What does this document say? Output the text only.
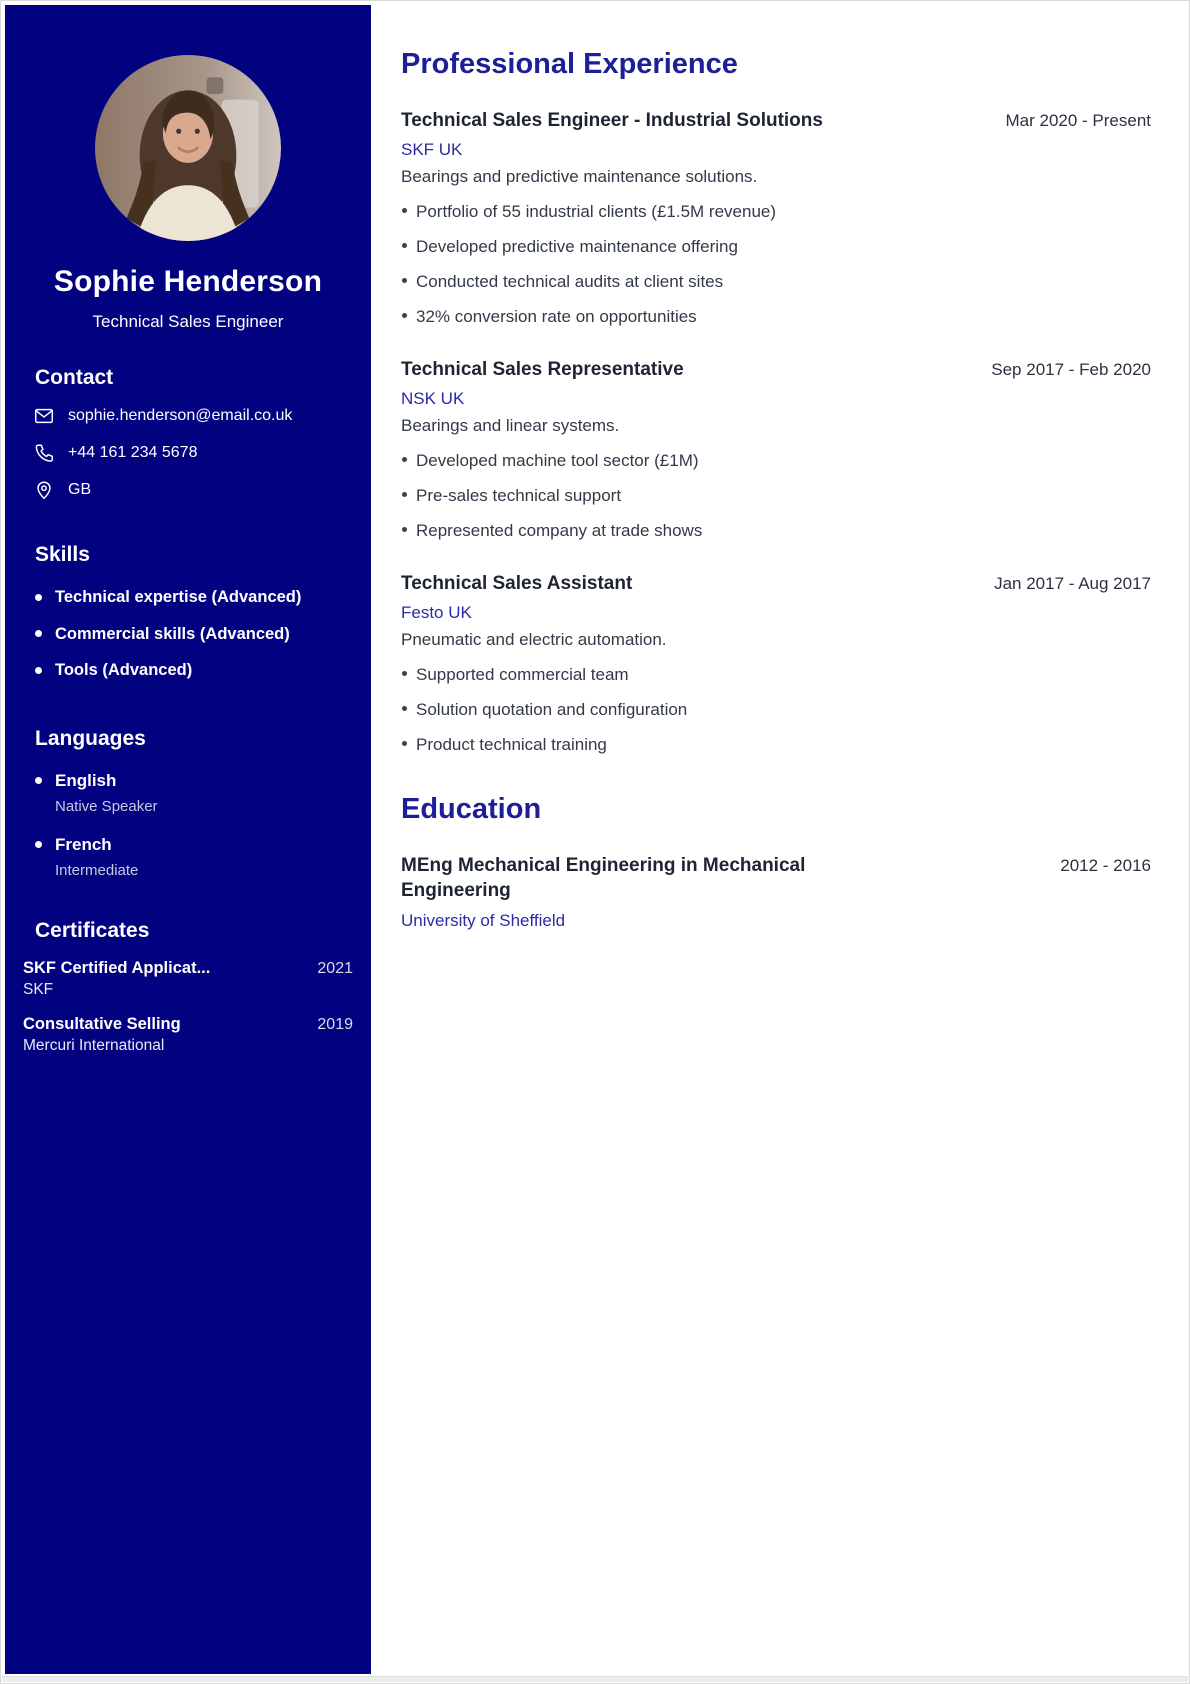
Sophie Henderson
Technical Sales Engineer
Contact
sophie.henderson@email.co.uk
+44 161 234 5678
GB
Skills
Technical expertise (Advanced)
Commercial skills (Advanced)
Tools (Advanced)
Languages
English
Native Speaker
French
Intermediate
Certificates
SKF Certified Applicat...	2021
SKF
Consultative Selling	2019
Mercuri International
Professional Experience
Technical Sales Engineer - Industrial Solutions	Mar 2020 - Present
SKF UK
Bearings and predictive maintenance solutions.
Portfolio of 55 industrial clients (£1.5M revenue)
Developed predictive maintenance offering
Conducted technical audits at client sites
32% conversion rate on opportunities
Technical Sales Representative	Sep 2017 - Feb 2020
NSK UK
Bearings and linear systems.
Developed machine tool sector (£1M)
Pre-sales technical support
Represented company at trade shows
Technical Sales Assistant	Jan 2017 - Aug 2017
Festo UK
Pneumatic and electric automation.
Supported commercial team
Solution quotation and configuration
Product technical training
Education
MEng Mechanical Engineering in Mechanical Engineering
2012 - 2016
University of Sheffield
